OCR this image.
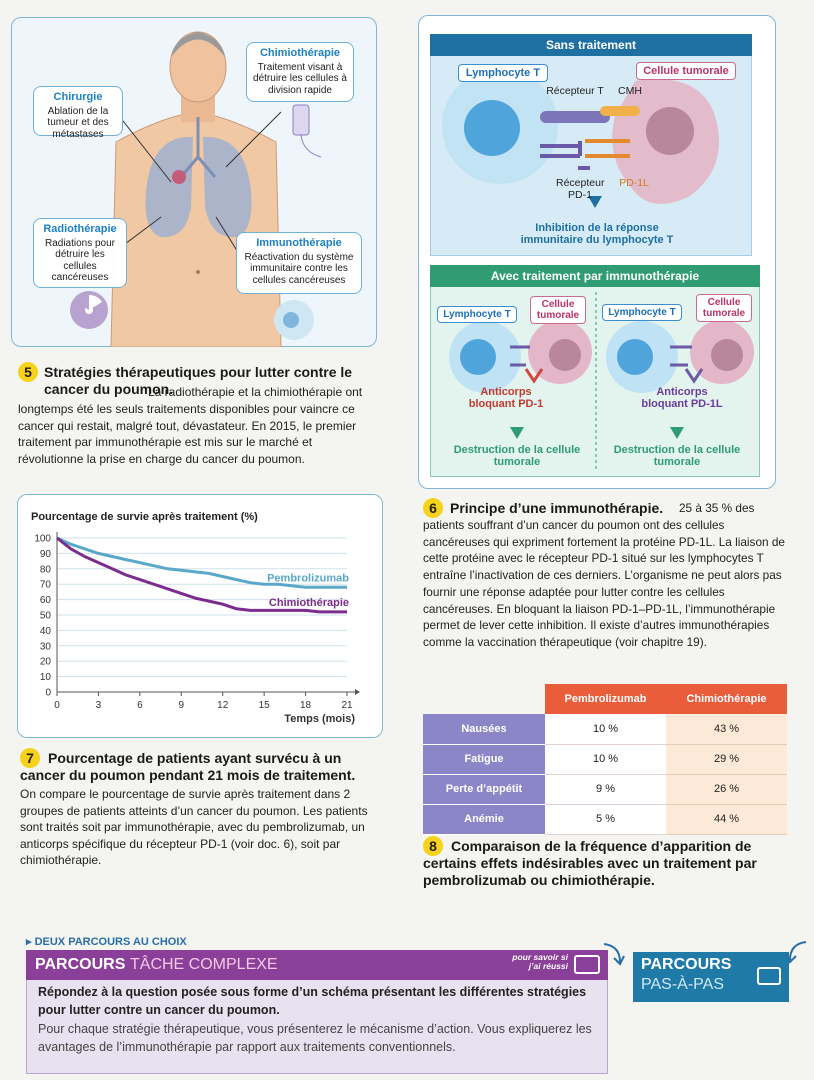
Chirurgie
Ablation de la tumeur et des métastases
Chimiothérapie
Traitement visant à détruire les cellules à division rapide
Radiothérapie
Radiations pour détruire les cellules cancéreuses
Immunothérapie
Réactivation du système immunitaire contre les cellules cancéreuses
5 Stratégies thérapeutiques pour lutter contre le cancer du poumon.
La radiothérapie et la chimiothérapie ont longtemps été les seuls traitements disponibles pour vaincre ce cancer qui restait, malgré tout, dévastateur. En 2015, le premier traitement par immunothérapie est mis sur le marché et révolutionne la prise en charge du cancer du poumon.
Sans traitement
Lymphocyte T	Cellule tumorale
Récepteur T	CMH
Récepteur PD-1
PD-1L
Inhibition de la réponse immunitaire du lymphocyte T
Avec traitement par immunothérapie
Lymphocyte T
Cellule tumorale	Lymphocyte T
Cellule tumorale
Anticorps bloquant PD-1
Anticorps bloquant PD-1L
Destruction de la cellule tumorale
Destruction de la cellule tumorale
6 Principe d’une immunothérapie.	25 à 35 % des patients souffrant d’un cancer du poumon ont des cellules cancéreuses qui expriment fortement la protéine PD-1L. La liaison de cette protéine avec le récepteur PD-1 situé sur les lymphocytes T entraîne l’inactivation de ces derniers. L’organisme ne peut alors pas fournir une réponse adaptée pour lutter contre les cellules cancéreuses. En bloquant la liaison PD-1–PD-1L, l’immunothérapie permet de lever cette inhibition. Il existe d’autres immunothérapies comme la vaccination thérapeutique (voir chapitre 19).
Pourcentage de survie après traitement (%)
10
20
30
40
50
60
70
80
90
100
0
0	3	6	9	12	15	18	21
Temps (mois)
Pembrolizumab
Chimiothérapie
7	Pourcentage de patients ayant survécu à un cancer du poumon pendant 21 mois de traitement.
On compare le pourcentage de survie après traitement dans 2 groupes de patients atteints d’un cancer du poumon. Les patients sont traités soit par immunothérapie, avec du pembrolizumab, un anticorps spécifique du récepteur PD-1 (voir doc. 6), soit par chimiothérapie.
	Pembrolizumab	Chimiothérapie
Nausées	10 %	43 %
Fatigue	10 %	29 %
Perte d’appétit	9 %	26 %
Anémie	5 %	44 %
8	Comparaison de la fréquence d’apparition de certains effets indésirables avec un traitement par pembrolizumab ou chimiothérapie.
▸ DEUX PARCOURS AU CHOIX
PARCOURS TÂCHE COMPLEXE	pour savoir si j’ai réussi
Répondez à la question posée sous forme d’un schéma présentant les différentes stratégies pour lutter contre un cancer du poumon.
Pour chaque stratégie thérapeutique, vous présenterez le mécanisme d’action. Vous expliquerez les avantages de l’immunothérapie par rapport aux traitements conventionnels.
PARCOURS
PAS-À-PAS
